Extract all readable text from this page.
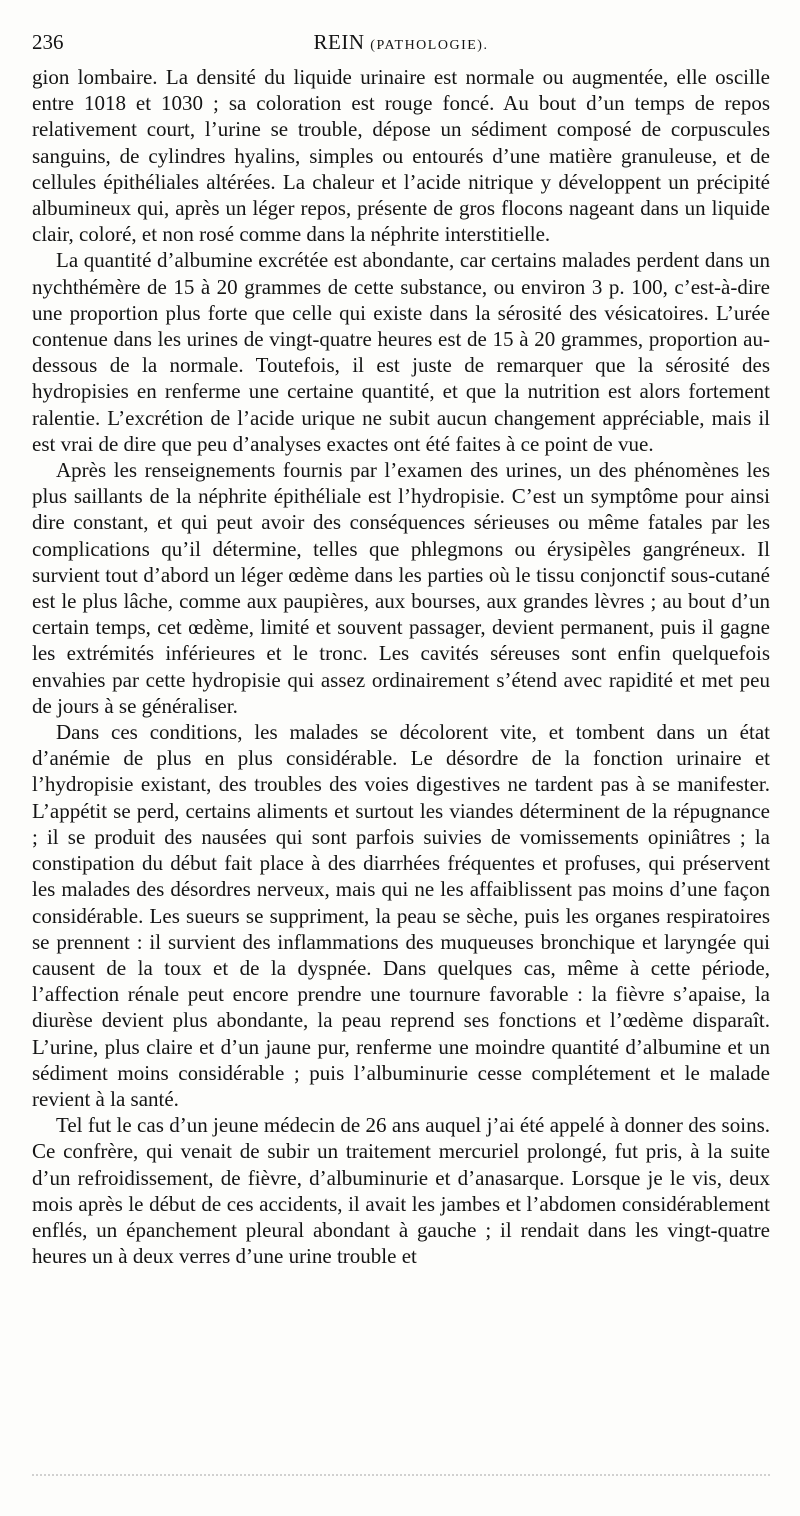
236	REIN (PATHOLOGIE).

gion lombaire. La densité du liquide urinaire est normale ou augmentée, elle oscille entre 1018 et 1030 ; sa coloration est rouge foncé. Au bout d’un temps de repos relativement court, l’urine se trouble, dépose un sédiment composé de corpuscules sanguins, de cylindres hyalins, simples ou entourés d’une matière granuleuse, et de cellules épithéliales altérées. La chaleur et l’acide nitrique y développent un précipité albumineux qui, après un léger repos, présente de gros flocons nageant dans un liquide clair, coloré, et non rosé comme dans la néphrite interstitielle.

La quantité d’albumine excrétée est abondante, car certains malades perdent dans un nychthémère de 15 à 20 grammes de cette substance, ou environ 3 p. 100, c’est-à-dire une proportion plus forte que celle qui existe dans la sérosité des vésicatoires. L’urée contenue dans les urines de vingt-quatre heures est de 15 à 20 grammes, proportion au-dessous de la normale. Toutefois, il est juste de remarquer que la sérosité des hydropisies en renferme une certaine quantité, et que la nutrition est alors fortement ralentie. L’excrétion de l’acide urique ne subit aucun changement appréciable, mais il est vrai de dire que peu d’analyses exactes ont été faites à ce point de vue.

Après les renseignements fournis par l’examen des urines, un des phénomènes les plus saillants de la néphrite épithéliale est l’hydropisie. C’est un symptôme pour ainsi dire constant, et qui peut avoir des conséquences sérieuses ou même fatales par les complications qu’il détermine, telles que phlegmons ou érysipèles gangréneux. Il survient tout d’abord un léger œdème dans les parties où le tissu conjonctif sous-cutané est le plus lâche, comme aux paupières, aux bourses, aux grandes lèvres ; au bout d’un certain temps, cet œdème, limité et souvent passager, devient permanent, puis il gagne les extrémités inférieures et le tronc. Les cavités séreuses sont enfin quelquefois envahies par cette hydropisie qui assez ordinairement s’étend avec rapidité et met peu de jours à se généraliser.

Dans ces conditions, les malades se décolorent vite, et tombent dans un état d’anémie de plus en plus considérable. Le désordre de la fonction urinaire et l’hydropisie existant, des troubles des voies digestives ne tardent pas à se manifester. L’appétit se perd, certains aliments et surtout les viandes déterminent de la répugnance ; il se produit des nausées qui sont parfois suivies de vomissements opiniâtres ; la constipation du début fait place à des diarrhées fréquentes et profuses, qui préservent les malades des désordres nerveux, mais qui ne les affaiblissent pas moins d’une façon considérable. Les sueurs se suppriment, la peau se sèche, puis les organes respiratoires se prennent : il survient des inflammations des muqueuses bronchique et laryngée qui causent de la toux et de la dyspnée. Dans quelques cas, même à cette période, l’affection rénale peut encore prendre une tournure favorable : la fièvre s’apaise, la diurèse devient plus abondante, la peau reprend ses fonctions et l’œdème disparaît. L’urine, plus claire et d’un jaune pur, renferme une moindre quantité d’albumine et un sédiment moins considérable ; puis l’albuminurie cesse complétement et le malade revient à la santé.

Tel fut le cas d’un jeune médecin de 26 ans auquel j’ai été appelé à donner des soins. Ce confrère, qui venait de subir un traitement mercuriel prolongé, fut pris, à la suite d’un refroidissement, de fièvre, d’albuminurie et d’anasarque. Lorsque je le vis, deux mois après le début de ces accidents, il avait les jambes et l’abdomen considérablement enflés, un épanchement pleural abondant à gauche ; il rendait dans les vingt-quatre heures un à deux verres d’une urine trouble et
